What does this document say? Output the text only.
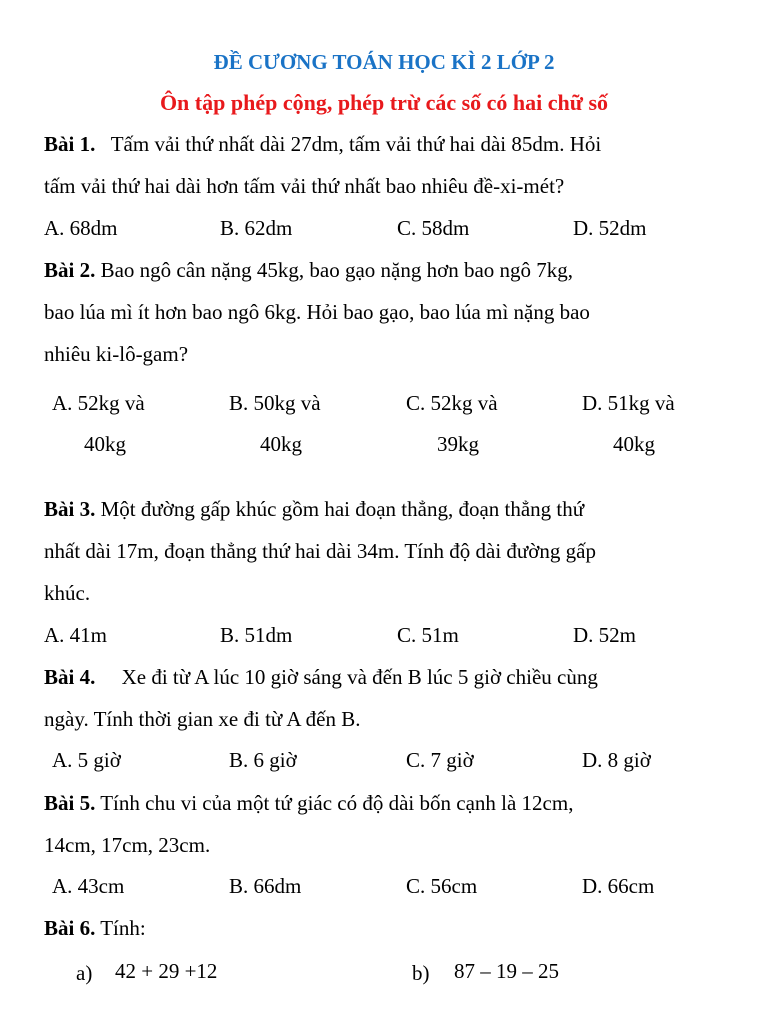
ĐỀ CƯƠNG TOÁN HỌC KÌ 2 LỚP 2
Ôn tập phép cộng, phép trừ các số có hai chữ số
Bài 1. Tấm vải thứ nhất dài 27dm, tấm vải thứ hai dài 85dm. Hỏi
tấm vải thứ hai dài hơn tấm vải thứ nhất bao nhiêu đề-xi-mét?
A. 68dm	B. 62dm	C. 58dm	D. 52dm
Bài 2. Bao ngô cân nặng 45kg, bao gạo nặng hơn bao ngô 7kg,
bao lúa mì ít hơn bao ngô 6kg. Hỏi bao gạo, bao lúa mì nặng bao
nhiêu ki-lô-gam?
A. 52kg và	B. 50kg và	C. 52kg và	D. 51kg và
40kg	40kg	39kg	40kg
Bài 3. Một đường gấp khúc gồm hai đoạn thẳng, đoạn thẳng thứ
nhất dài 17m, đoạn thẳng thứ hai dài 34m. Tính độ dài đường gấp
khúc.
A. 41m	B. 51dm	C. 51m	D. 52m
Bài 4. Xe đi từ A lúc 10 giờ sáng và đến B lúc 5 giờ chiều cùng
ngày. Tính thời gian xe đi từ A đến B.
A. 5 giờ	B. 6 giờ	C. 7 giờ	D. 8 giờ
Bài 5. Tính chu vi của một tứ giác có độ dài bốn cạnh là 12cm,
14cm, 17cm, 23cm.
A. 43cm	B. 66dm	C. 56cm	D. 66cm
Bài 6. Tính:
a) 42 + 29 +12	b) 87 – 19 – 25
